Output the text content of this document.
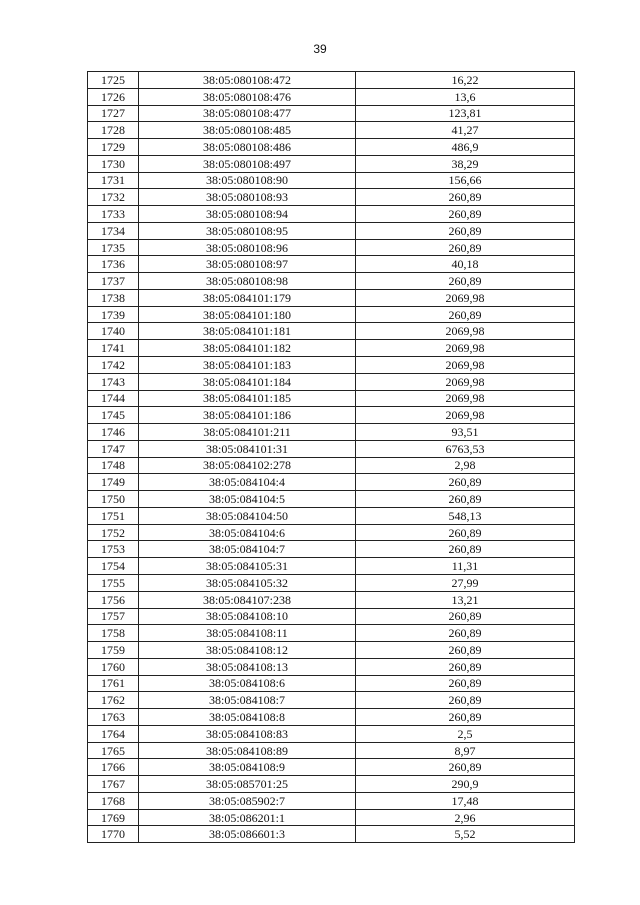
39
1725	38:05:080108:472	16,22
1726	38:05:080108:476	13,6
1727	38:05:080108:477	123,81
1728	38:05:080108:485	41,27
1729	38:05:080108:486	486,9
1730	38:05:080108:497	38,29
1731	38:05:080108:90	156,66
1732	38:05:080108:93	260,89
1733	38:05:080108:94	260,89
1734	38:05:080108:95	260,89
1735	38:05:080108:96	260,89
1736	38:05:080108:97	40,18
1737	38:05:080108:98	260,89
1738	38:05:084101:179	2069,98
1739	38:05:084101:180	260,89
1740	38:05:084101:181	2069,98
1741	38:05:084101:182	2069,98
1742	38:05:084101:183	2069,98
1743	38:05:084101:184	2069,98
1744	38:05:084101:185	2069,98
1745	38:05:084101:186	2069,98
1746	38:05:084101:211	93,51
1747	38:05:084101:31	6763,53
1748	38:05:084102:278	2,98
1749	38:05:084104:4	260,89
1750	38:05:084104:5	260,89
1751	38:05:084104:50	548,13
1752	38:05:084104:6	260,89
1753	38:05:084104:7	260,89
1754	38:05:084105:31	11,31
1755	38:05:084105:32	27,99
1756	38:05:084107:238	13,21
1757	38:05:084108:10	260,89
1758	38:05:084108:11	260,89
1759	38:05:084108:12	260,89
1760	38:05:084108:13	260,89
1761	38:05:084108:6	260,89
1762	38:05:084108:7	260,89
1763	38:05:084108:8	260,89
1764	38:05:084108:83	2,5
1765	38:05:084108:89	8,97
1766	38:05:084108:9	260,89
1767	38:05:085701:25	290,9
1768	38:05:085902:7	17,48
1769	38:05:086201:1	2,96
1770	38:05:086601:3	5,52
